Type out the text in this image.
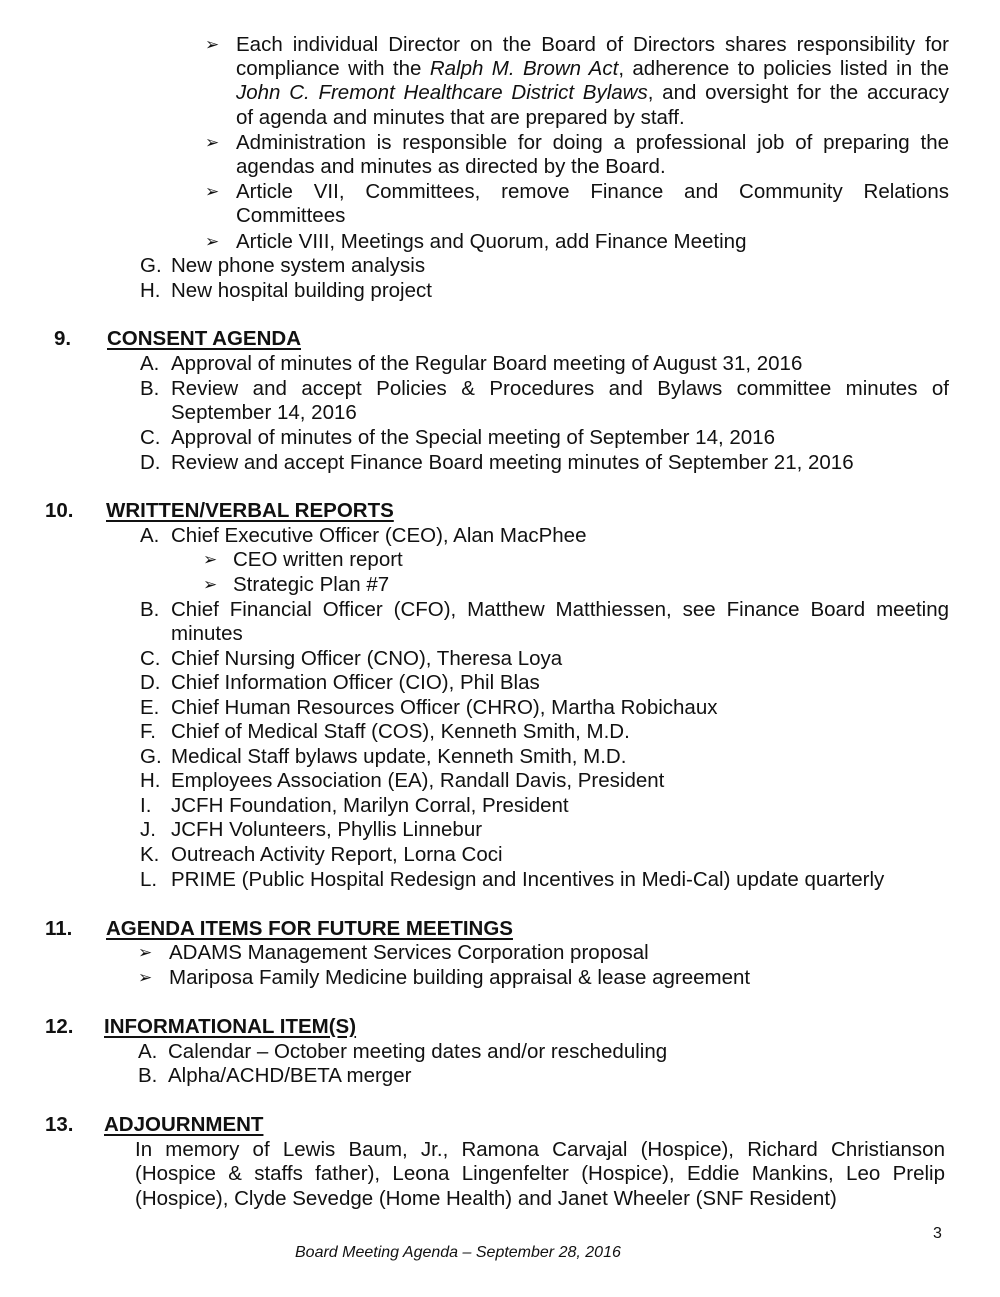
➢ Each individual Director on the Board of Directors shares responsibility for
compliance with the Ralph M. Brown Act, adherence to policies listed in the
John C. Fremont Healthcare District Bylaws, and oversight for the accuracy
of agenda and minutes that are prepared by staff.
➢ Administration is responsible for doing a professional job of preparing the
agendas and minutes as directed by the Board.
➢ Article VII, Committees, remove Finance and Community Relations
Committees
➢ Article VIII, Meetings and Quorum, add Finance Meeting
G. New phone system analysis
H. New hospital building project
9. CONSENT AGENDA
A. Approval of minutes of the Regular Board meeting of August 31, 2016
B. Review and accept Policies & Procedures and Bylaws committee minutes of
September 14, 2016
C. Approval of minutes of the Special meeting of September 14, 2016
D. Review and accept Finance Board meeting minutes of September 21, 2016
10. WRITTEN/VERBAL REPORTS
A. Chief Executive Officer (CEO), Alan MacPhee
➢ CEO written report
➢ Strategic Plan #7
B. Chief Financial Officer (CFO), Matthew Matthiessen, see Finance Board meeting
minutes
C. Chief Nursing Officer (CNO), Theresa Loya
D. Chief Information Officer (CIO), Phil Blas
E. Chief Human Resources Officer (CHRO), Martha Robichaux
F. Chief of Medical Staff (COS), Kenneth Smith, M.D.
G. Medical Staff bylaws update, Kenneth Smith, M.D.
H. Employees Association (EA), Randall Davis, President
I. JCFH Foundation, Marilyn Corral, President
J. JCFH Volunteers, Phyllis Linnebur
K. Outreach Activity Report, Lorna Coci
L. PRIME (Public Hospital Redesign and Incentives in Medi-Cal) update quarterly
11. AGENDA ITEMS FOR FUTURE MEETINGS
➢ ADAMS Management Services Corporation proposal
➢ Mariposa Family Medicine building appraisal & lease agreement
12. INFORMATIONAL ITEM(S)
A. Calendar – October meeting dates and/or rescheduling
B. Alpha/ACHD/BETA merger
13. ADJOURNMENT
In memory of Lewis Baum, Jr., Ramona Carvajal (Hospice), Richard Christianson
(Hospice & staffs father), Leona Lingenfelter (Hospice), Eddie Mankins, Leo Prelip
(Hospice), Clyde Sevedge (Home Health) and Janet Wheeler (SNF Resident)
3
Board Meeting Agenda – September 28, 2016
